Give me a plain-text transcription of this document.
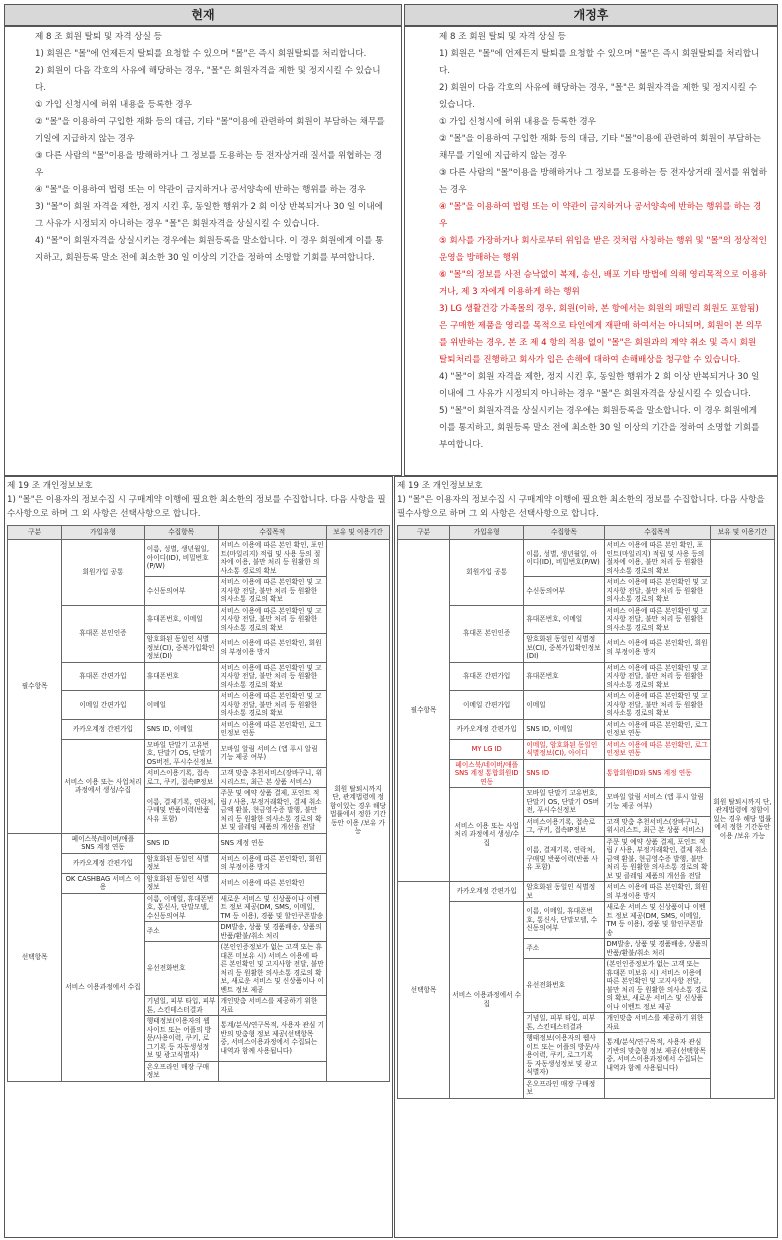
현재	개정후

제 8 조 회원 탈퇴 및 자격 상실 등

1) 회원은 "몰"에 언제든지 탈퇴를 요청할 수 있으며 "몰"은 즉시 회원탈퇴를 처리합니다.

2) 회원이 다음 각호의 사유에 해당하는 경우, "몰"은 회원자격을 제한 및 정지시킬 수 있습니다.

① 가입 신청시에 허위 내용을 등록한 경우

② "몰"을 이용하여 구입한 재화 등의 대금, 기타 "몰"이용에 관련하여 회원이 부담하는 채무를 기일에 지급하지 않는 경우

③ 다른 사람의 "몰"이용을 방해하거나 그 정보를 도용하는 등 전자상거래 질서를 위협하는 경우

④ "몰"을 이용하여 법령 또는 이 약관이 금지하거나 공서양속에 반하는 행위를 하는 경우

3) "몰"이 회원 자격을 제한, 정지 시킨 후, 동일한 행위가 2 회 이상 반복되거나 30 일 이내에 그 사유가 시정되지 아니하는 경우 "몰"은 회원자격을 상실시킬 수 있습니다.

4) "몰"이 회원자격을 상실시키는 경우에는 회원등록을 말소합니다. 이 경우 회원에게 이를 통지하고, 회원등록 말소 전에 최소한 30 일 이상의 기간을 정하여 소명할 기회를 부여합니다.

제 8 조 회원 탈퇴 및 자격 상실 등

1) 회원은 "몰"에 언제든지 탈퇴를 요청할 수 있으며 "몰"은 즉시 회원탈퇴를 처리합니다.

2) 회원이 다음 각호의 사유에 해당하는 경우, "몰"은 회원자격을 제한 및 정지시킬 수 있습니다.

① 가입 신청시에 허위 내용을 등록한 경우

② "몰"을 이용하여 구입한 재화 등의 대금, 기타 "몰"이용에 관련하여 회원이 부담하는 채무를 기일에 지급하지 않는 경우

③ 다른 사람의 "몰"이용을 방해하거나 그 정보를 도용하는 등 전자상거래 질서를 위협하는 경우

④ "몰"을 이용하여 법령 또는 이 약관이 금지하거나 공서양속에 반하는 행위를 하는 경우

⑤ 회사를 가장하거나 회사로부터 위임을 받은 것처럼 사칭하는 행위 및 "몰"의 정상적인 운영을 방해하는 행위

⑥ "몰"의 정보를 사전 승낙없이 복제, 송신, 배포 기타 방법에 의해 영리목적으로 이용하거나, 제 3 자에게 이용하게 하는 행위

3) LG 생활건강 가족몰의 경우, 회원(이하, 본 항에서는 회원의 패밀리 회원도 포함됨)은 구매한 제품을 영리를 목적으로 타인에게 재판매 하여서는 아니되며, 회원이 본 의무를 위반하는 경우, 본 조 제 4 항의 적용 없이 "몰"은 회원과의 계약 취소 및 즉시 회원 탈퇴처리를 진행하고 회사가 입은 손해에 대하여 손해배상을 청구할 수 있습니다.

4) "몰"이 회원 자격을 제한, 정지 시킨 후, 동일한 행위가 2 회 이상 반복되거나 30 일 이내에 그 사유가 시정되지 아니하는 경우 "몰"은 회원자격을 상실시킬 수 있습니다.

5) "몰"이 회원자격을 상실시키는 경우에는 회원등록을 말소합니다. 이 경우 회원에게 이를 통지하고, 회원등록 말소 전에 최소한 30 일 이상의 기간을 정하여 소명할 기회를 부여합니다.

제 19 조 개인정보보호
1) "몰"은 이용자의 정보수집 시 구매계약 이행에 필요한 최소한의 정보를 수집합니다. 다음 사항을 필수사항으로 하며 그 외 사항은 선택사항으로 합니다.
구분	가입유형	수집항목	수집목적	보유 및 이용기간
필수항목	회원가입 공통	이름, 성별, 생년월일, 아이디(ID), 비밀번호(P/W)	서비스 이용에 따른 본인 확인, 포인트(마일리지) 적립 및 사용 등의 절차에 이용, 불만 처리 등 원활한 의사소통 경로의 확보	회원 탈퇴시까지 단, 관계법령에 정함이있는 경우 해당 법률에서 정한 기간동안 이용 /보유 가능
		수신동의여부	서비스 이용에 따른 본인확인 및 고지사항 전달, 불만 처리 등 원활한 의사소통 경로의 확보	
	휴대폰 본인인증	휴대폰번호, 이메일	서비스 이용에 따른 본인확인 및 고지사항 전달, 불만 처리 등 원활한 의사소통 경로의 확보	
		암호화된 동일인 식별정보(CI), 중복가입확인정보(DI)	서비스 이용에 따른 본인확인, 회원의 부정이용 방지	
	휴대폰 간편가입	휴대폰번호	서비스 이용에 따른 본인확인 및 고지사항 전달, 불만 처리 등 원활한 의사소통 경로의 확보	
	이메일 간편가입	이메일	서비스 이용에 따른 본인확인 및 고지사항 전달, 불만 처리 등 원활한 의사소통 경로의 확보	
	카카오계정 간편가입	SNS ID, 이메일	서비스 이용에 따른 본인확인, 로그인정보 연동	
	서비스 이용 또는 사업처리 과정에서 생성/수집	모바일 단말기 고유번호, 단말기 OS, 단말기 OS버전, 푸시수신정보	모바일 알림 서비스 (앱 푸시 알림 기능 제공 여부)	
		서비스이용기록, 접속로그, 쿠키, 접속IP정보	고객 맞춤 추천서비스(장바구니, 위시리스트, 최근 본 상품 서비스)	
		이름, 결제기록, 연락처, 구매및 반품이력(반품 사유 포함)	주문 및 예약 상품 결제, 포인트 적립 / 사용, 부정거래확인, 결제 취소 금액 환불, 현금영수증 발행, 불만 처리 등 원활한 의사소통 경로의 확보 및 클레임 제품의 개선을 전달	
선택항목	페이스북/네이버/애플 SNS 계정 연동	SNS ID	SNS 계정 연동	
	카카오계정 간편가입	암호화된 동일인 식별정보	서비스 이용에 따른 본인확인, 회원의 부정이용 방지	
	OK CASHBAG 서비스 이용	암호화된 동일인 식별정보	서비스 이용에 따른 본인확인	
	서비스 이용과정에서 수집	이름, 이메일, 휴대폰번호, 통신사, 단말모델, 수신동의여부	새로운 서비스 및 신상품이나 이벤트 정보 제공(DM, SMS, 이메일, TM 등 이용), 경품 및 할인쿠폰발송	
		주소	DM발송, 상품 및 경품배송, 상품의 반품/환불/취소 처리	
		유선전화번호	(본인인증정보가 없는 고객 또는 휴대폰 미보유 시) 서비스 이용에 따른 본인확인 및 고지사항 전달, 불만 처리 등 원활한 의사소통 경로의 확보, 새로운 서비스 및 신상품이나 이벤트 정보 제공	
		기념일, 피부 타입, 피부톤, 스킨테스터결과	개인맞춤 서비스를 제공하기 위한 자료	
		행태정보(이용자의 웹사이트 또는 어플의 방문/사용이력, 쿠키, 로그기록 등 자동생성정보 및 광고식별자)	통계/분석/연구목적, 사용자 관심 기반의 맞춤형 정보 제공(선택항목 중, 서비스이용과정에서 수집되는 내역과 함께 사용됩니다)	
		온오프라인 매장 구매정보		
제 19 조 개인정보보호
1) "몰"은 이용자의 정보수집 시 구매계약 이행에 필요한 최소한의 정보를 수집합니다. 다음 사항을 필수사항으로 하며 그 외 사항은 선택사항으로 합니다.
구분	가입유형	수집항목	수집목적	보유 및 이용기간
필수항목	회원가입 공통	이름, 성별, 생년월일, 아이디(ID), 비밀번호(P/W)	서비스 이용에 따른 본인 확인, 포인트(마일리지) 적립 및 사용 등의 절차에 이용, 불만 처리 등 원활한 의사소통 경로의 확보	회원 탈퇴시까지 단, 관계법령에 정함이있는 경우 해당 법률에서 정한 기간동안 이용 /보유 가능
		수신동의여부	서비스 이용에 따른 본인확인 및 고지사항 전달, 불만 처리 등 원활한 의사소통 경로의 확보	
	휴대폰 본인인증	휴대폰번호, 이메일	서비스 이용에 따른 본인확인 및 고지사항 전달, 불만 처리 등 원활한 의사소통 경로의 확보	
		암호화된 동일인 식별정보(CI), 중복가입확인정보(DI)	서비스 이용에 따른 본인확인, 회원의 부정이용 방지	
	휴대폰 간편가입	휴대폰번호	서비스 이용에 따른 본인확인 및 고지사항 전달, 불만 처리 등 원활한 의사소통 경로의 확보	
	이메일 간편가입	이메일	서비스 이용에 따른 본인확인 및 고지사항 전달, 불만 처리 등 원활한 의사소통 경로의 확보	
	카카오계정 간편가입	SNS ID, 이메일	서비스 이용에 따른 본인확인, 로그인정보 연동	
	MY LG ID	이메일, 암호화된 동일인 식별정보(CI), 아이디	서비스 이용에 따른 본인확인, 로그인정보 연동	
	페이스북/네이버/애플 SNS 계정 통합회원ID 연동	SNS ID	통합회원ID와 SNS 계정 연동	
	서비스 이용 또는 사업처리 과정에서 생성/수집	모바일 단말기 고유번호, 단말기 OS, 단말기 OS버전, 푸시수신정보	모바일 알림 서비스 (앱 푸시 알림 기능 제공 여부)	
		서비스이용기록, 접속로그, 쿠키, 접속IP정보	고객 맞춤 추천서비스(장바구니, 위시리스트, 최근 본 상품 서비스)	
		이름, 결제기록, 연락처, 구매및 반품이력(반품 사유 포함)	주문 및 예약 상품 결제, 포인트 적립 / 사용, 부정거래확인, 결제 취소 금액 환불, 현금영수증 발행, 불만 처리 등 원활한 의사소통 경로의 확보 및 클레임 제품의 개선을 전달	
선택항목	카카오계정 간편가입	암호화된 동일인 식별정보	서비스 이용에 따른 본인확인, 회원의 부정이용 방지	
	서비스 이용과정에서 수집	이름, 이메일, 휴대폰번호, 통신사, 단말모델, 수신동의여부	새로운 서비스 및 신상품이나 이벤트 정보 제공(DM, SMS, 이메일, TM 등 이용), 경품 및 할인쿠폰발송	
		주소	DM발송, 상품 및 경품배송, 상품의 반품/환불/취소 처리	
		유선전화번호	(본인인증정보가 없는 고객 또는 휴대폰 미보유 시) 서비스 이용에 따른 본인확인 및 고지사항 전달, 불만 처리 등 원활한 의사소통 경로의 확보, 새로운 서비스 및 신상품이나 이벤트 정보 제공	
		기념일, 피부 타입, 피부톤, 스킨테스터결과	개인맞춤 서비스를 제공하기 위한 자료	
		행태정보(이용자의 웹사이트 또는 어플의 방문/사용이력, 쿠키, 로그기록 등 자동생성정보 및 광고식별자)	통계/분석/연구목적, 사용자 관심 기반의 맞춤형 정보 제공(선택항목 중, 서비스이용과정에서 수집되는 내역과 함께 사용됩니다)	
		온오프라인 매장 구매정보		
